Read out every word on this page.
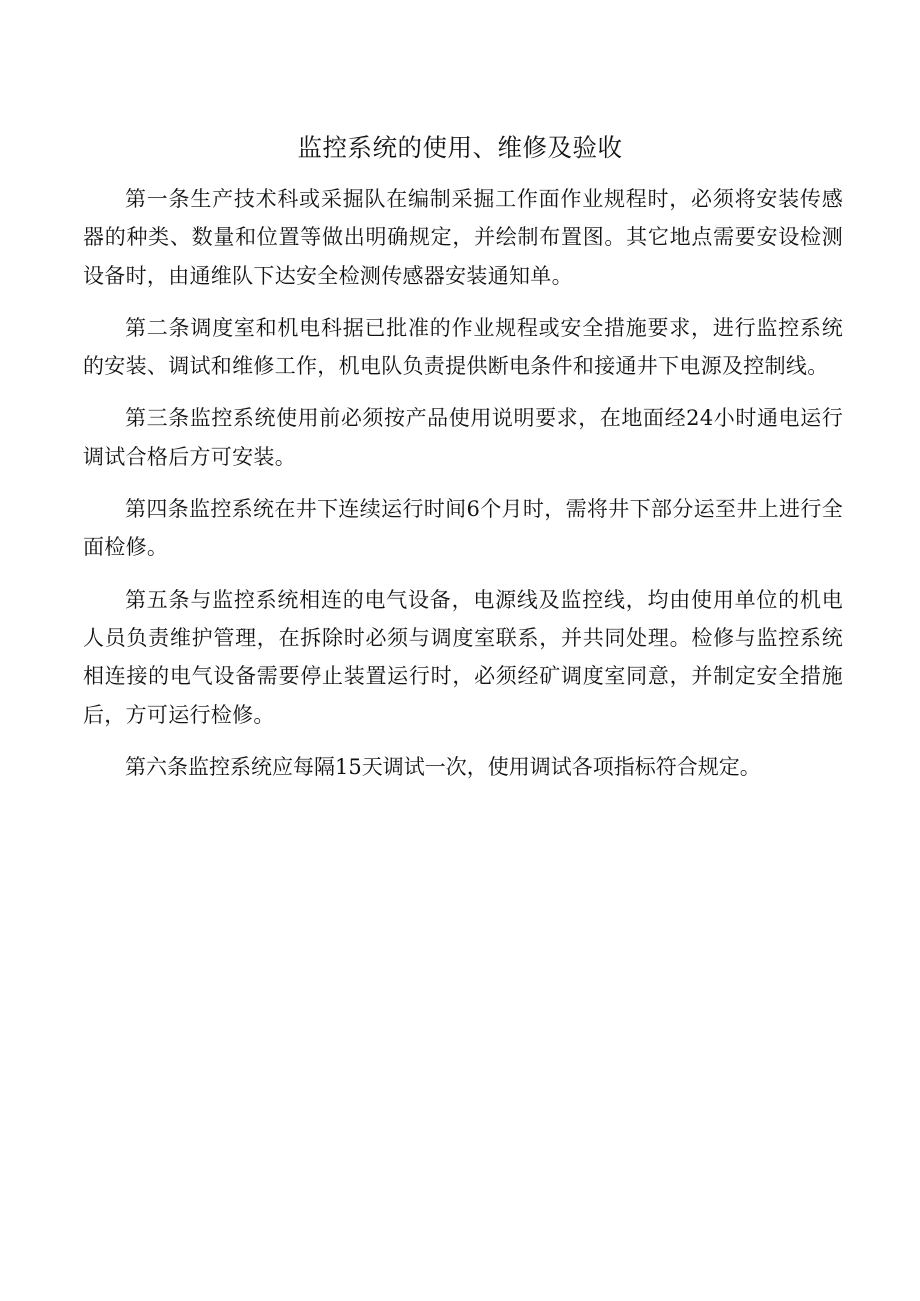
监控系统的使用、维修及验收

第一条生产技术科或采掘队在编制采掘工作面作业规程时，必须将安装传感器的种类、数量和位置等做出明确规定，并绘制布置图。其它地点需要安设检测设备时，由通维队下达安全检测传感器安装通知单。

第二条调度室和机电科据已批准的作业规程或安全措施要求，进行监控系统的安装、调试和维修工作，机电队负责提供断电条件和接通井下电源及控制线。

第三条监控系统使用前必须按产品使用说明要求，在地面经24小时通电运行调试合格后方可安装。

第四条监控系统在井下连续运行时间6个月时，需将井下部分运至井上进行全面检修。

第五条与监控系统相连的电气设备，电源线及监控线，均由使用单位的机电人员负责维护管理，在拆除时必须与调度室联系，并共同处理。检修与监控系统相连接的电气设备需要停止装置运行时，必须经矿调度室同意，并制定安全措施后，方可运行检修。

第六条监控系统应每隔15天调试一次，使用调试各项指标符合规定。
